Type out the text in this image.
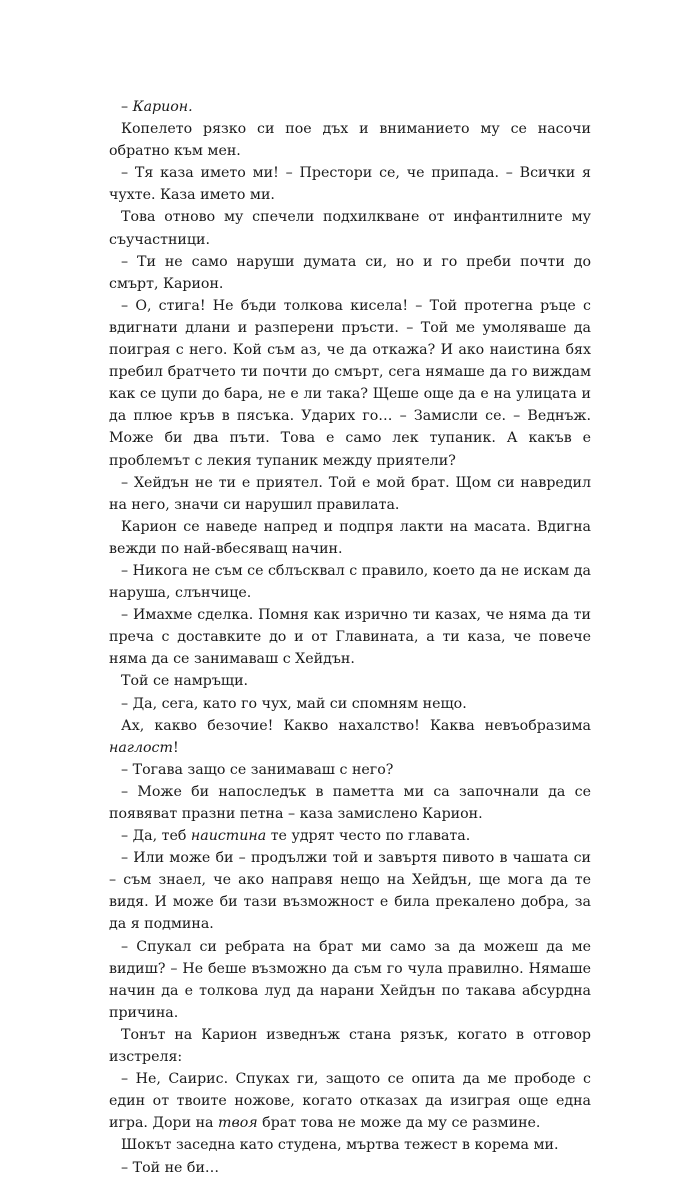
– Карион.

Копелето рязко си пое дъх и вниманието му се насочи обратно към мен.

– Тя каза името ми! – Престори се, че припада. – Всички я чухте. Каза името ми.

Това отново му спечели подхилкване от инфантилните му съучастници.

– Ти не само наруши думата си, но и го преби почти до смърт, Карион.

– О, стига! Не бъди толкова кисела! – Той протегна ръце с вдигнати длани и разперени пръсти. – Той ме умоляваше да поиграя с него. Кой съм аз, че да откажа? И ако наистина бях пребил братчето ти почти до смърт, сега нямаше да го виждам как се цупи до бара, не е ли така? Щеше още да е на улицата и да плюе кръв в пясъка. Ударих го… – Замисли се. – Веднъж. Може би два пъти. Това е само лек тупаник. А какъв е проблемът с лекия тупаник между приятели?

– Хейдън не ти е приятел. Той е мой брат. Щом си навредил на него, значи си нарушил правилата.

Карион се наведе напред и подпря лакти на масата. Вдигна вежди по най-вбесяващ начин.

– Никога не съм се сблъсквал с правило, което да не искам да наруша, слънчице.

– Имахме сделка. Помня как изрично ти казах, че няма да ти преча с доставките до и от Главината, а ти каза, че повече няма да се занимаваш с Хейдън.

Той се намръщи.

– Да, сега, като го чух, май си спомням нещо.

Ах, какво безочие! Какво нахалство! Каква невъобразима наглост!

– Тогава защо се занимаваш с него?

– Може би напоследък в паметта ми са започнали да се появяват празни петна – каза замислено Карион.

– Да, теб наистина те удрят често по главата.

– Или може би – продължи той и завъртя пивото в чашата си – съм знаел, че ако направя нещо на Хейдън, ще мога да те видя. И може би тази възможност е била прекалено добра, за да я подмина.

– Спукал си ребрата на брат ми само за да можеш да ме видиш? – Не беше възможно да съм го чула правилно. Нямаше начин да е толкова луд да нарани Хейдън по такава абсурдна причина.

Тонът на Карион изведнъж стана рязък, когато в отговор изстреля:

– Не, Саирис. Спуках ги, защото се опита да ме прободе с един от твоите ножове, когато отказах да изиграя още една игра. Дори на твоя брат това не може да му се размине.

Шокът заседна като студена, мъртва тежест в корема ми.

– Той не би…
